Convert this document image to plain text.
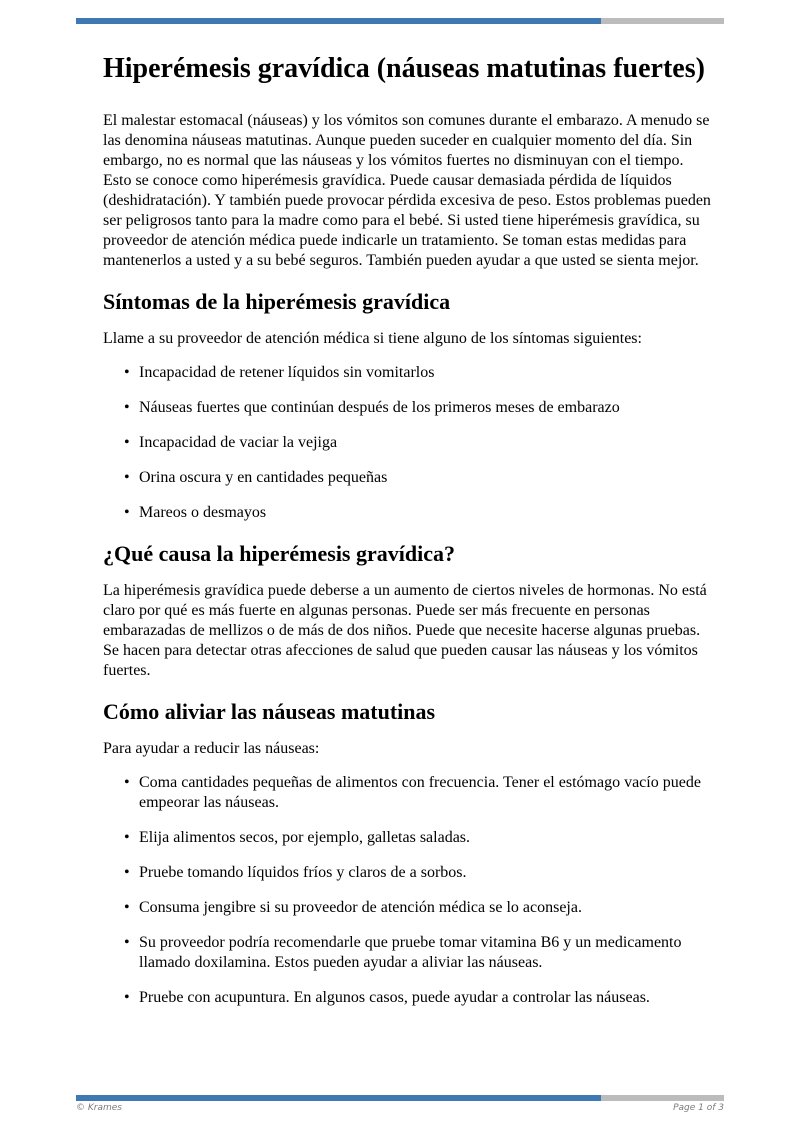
Hiperémesis gravídica (náuseas matutinas fuertes)

El malestar estomacal (náuseas) y los vómitos son comunes durante el embarazo. A menudo se las denomina náuseas matutinas. Aunque pueden suceder en cualquier momento del día. Sin embargo, no es normal que las náuseas y los vómitos fuertes no disminuyan con el tiempo. Esto se conoce como hiperémesis gravídica. Puede causar demasiada pérdida de líquidos (deshidratación). Y también puede provocar pérdida excesiva de peso. Estos problemas pueden ser peligrosos tanto para la madre como para el bebé. Si usted tiene hiperémesis gravídica, su proveedor de atención médica puede indicarle un tratamiento. Se toman estas medidas para mantenerlos a usted y a su bebé seguros. También pueden ayudar a que usted se sienta mejor.

Síntomas de la hiperémesis gravídica

Llame a su proveedor de atención médica si tiene alguno de los síntomas siguientes:

• Incapacidad de retener líquidos sin vomitarlos
• Náuseas fuertes que continúan después de los primeros meses de embarazo
• Incapacidad de vaciar la vejiga
• Orina oscura y en cantidades pequeñas
• Mareos o desmayos
¿Qué causa la hiperémesis gravídica?

La hiperémesis gravídica puede deberse a un aumento de ciertos niveles de hormonas. No está claro por qué es más fuerte en algunas personas. Puede ser más frecuente en personas embarazadas de mellizos o de más de dos niños. Puede que necesite hacerse algunas pruebas. Se hacen para detectar otras afecciones de salud que pueden causar las náuseas y los vómitos fuertes.

Cómo aliviar las náuseas matutinas

Para ayudar a reducir las náuseas:

• Coma cantidades pequeñas de alimentos con frecuencia. Tener el estómago vacío puede empeorar las náuseas.
• Elija alimentos secos, por ejemplo, galletas saladas.
• Pruebe tomando líquidos fríos y claros de a sorbos.
• Consuma jengibre si su proveedor de atención médica se lo aconseja.
• Su proveedor podría recomendarle que pruebe tomar vitamina B6 y un medicamento llamado doxilamina. Estos pueden ayudar a aliviar las náuseas.
• Pruebe con acupuntura. En algunos casos, puede ayudar a controlar las náuseas.
© Krames	Page 1 of 3
